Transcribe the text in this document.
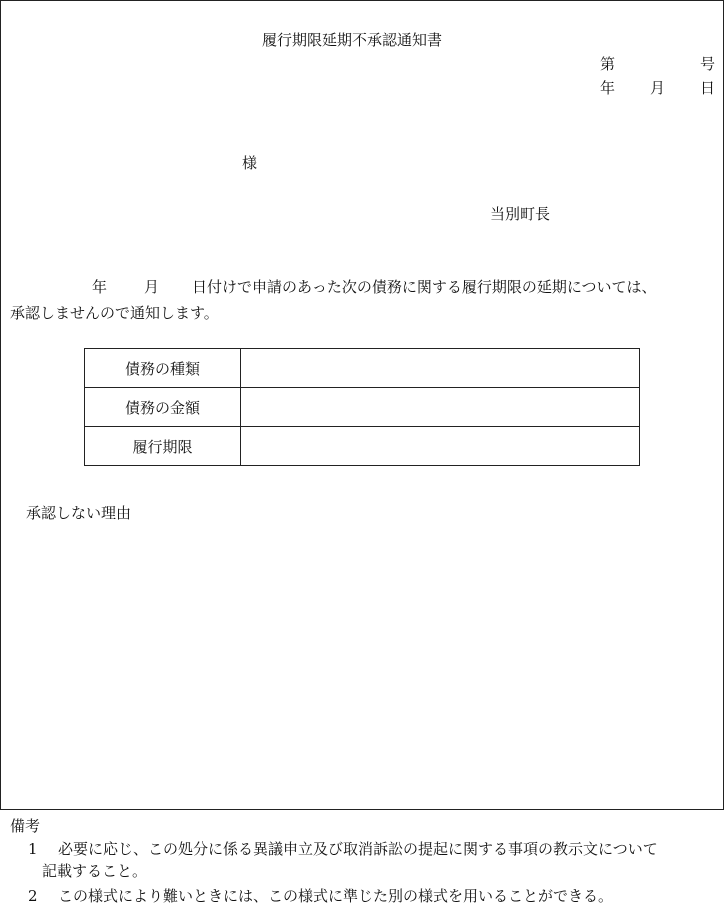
履行期限延期不承認通知書
第	号
年 月 日
様
当別町長
年 月 日付けで申請のあった次の債務に関する履行期限の延期については、
承認しませんので通知します。
債務の種類	
債務の金額	
履行期限	
承認しない理由
備考
1 必要に応じ、この処分に係る異議申立及び取消訴訟の提起に関する事項の教示文について
記載すること。
2 この様式により難いときには、この様式に準じた別の様式を用いることができる。
